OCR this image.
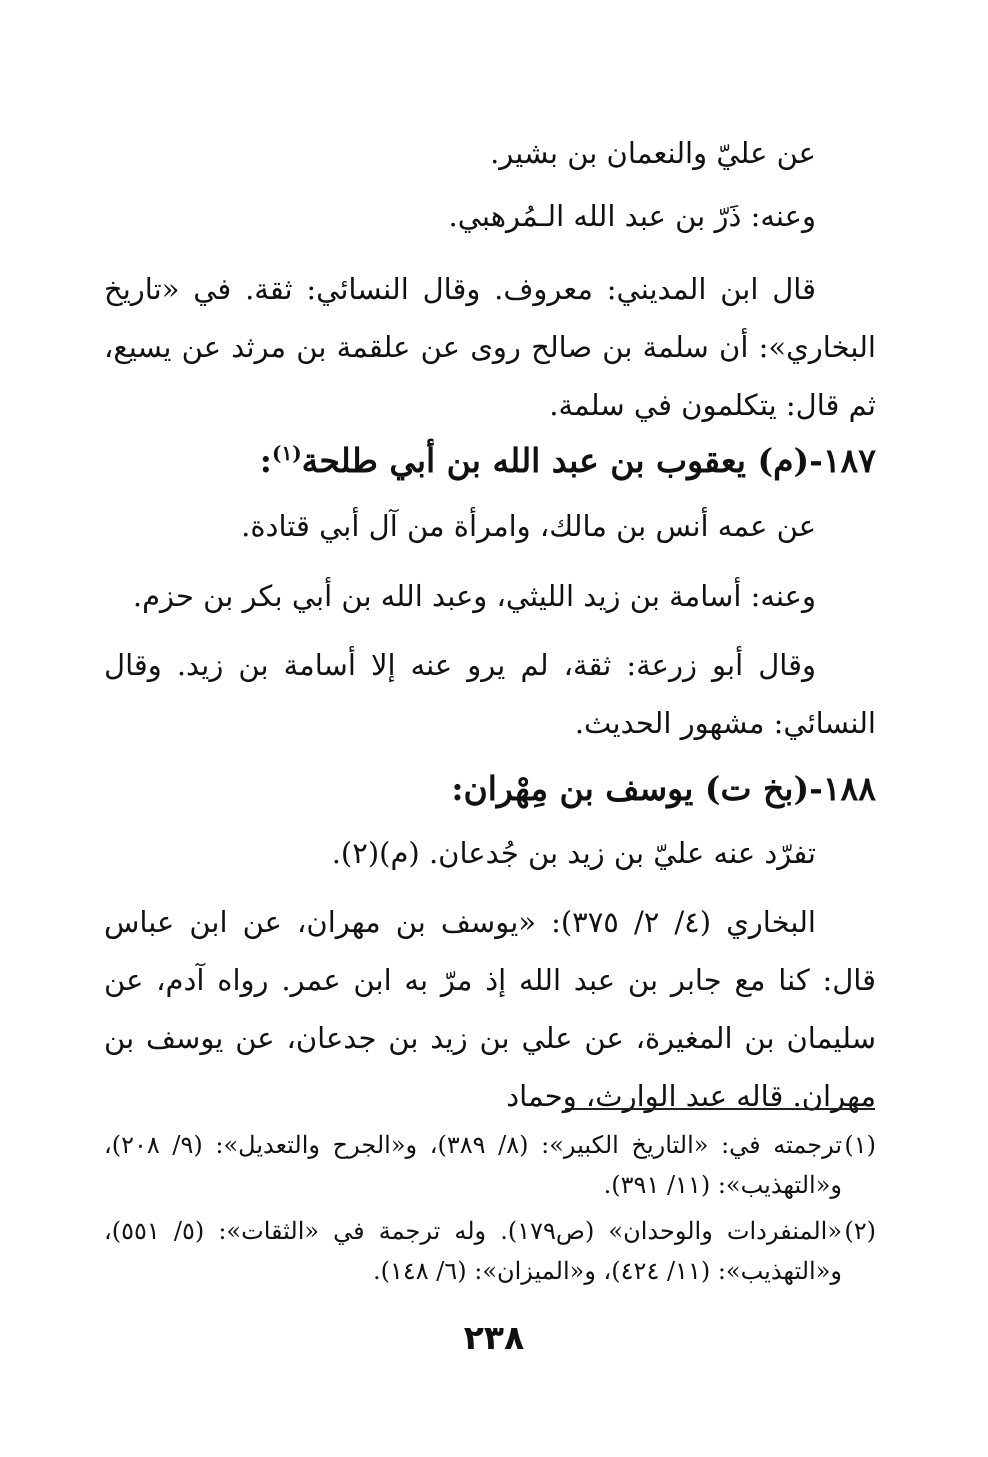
عن عليّ والنعمان بن بشير.
وعنه: ذَرّ بن عبد الله الـمُرهبي.
قال ابن المديني: معروف. وقال النسائي: ثقة. في «تاريخ البخاري»: أن سلمة بن صالح روى عن علقمة بن مرثد عن يسيع، ثم قال: يتكلمون في سلمة.
١٨٧-(م) يعقوب بن عبد الله بن أبي طلحة$^{(١)}$:
عن عمه أنس بن مالك، وامرأة من آل أبي قتادة.
وعنه: أسامة بن زيد الليثي، وعبد الله بن أبي بكر بن حزم.
وقال أبو زرعة: ثقة، لم يرو عنه إلا أسامة بن زيد. وقال النسائي: مشهور الحديث.
١٨٨-(بخ ت) يوسف بن مِهْران:
تفرّد عنه عليّ بن زيد بن جُدعان. (م)(٢).
البخاري (٤/ ٢/ ٣٧٥): «يوسف بن مهران، عن ابن عباس قال: كنا مع جابر بن عبد الله إذ مرّ به ابن عمر. رواه آدم، عن سليمان بن المغيرة، عن علي بن زيد بن جدعان، عن يوسف بن مهران. قاله عبد الوارث، وحماد

(١)ترجمته في: «التاريخ الكبير»: (٨/ ٣٨٩)، و«الجرح والتعديل»: (٩/ ٢٠٨)، و«التهذيب»: (١١/ ٣٩١).

(٢)«المنفردات والوحدان» (ص١٧٩). وله ترجمة في «الثقات»: (٥/ ٥٥١)، و«التهذيب»: (١١/ ٤٢٤)، و«الميزان»: (٦/ ١٤٨).

٢٣٨
